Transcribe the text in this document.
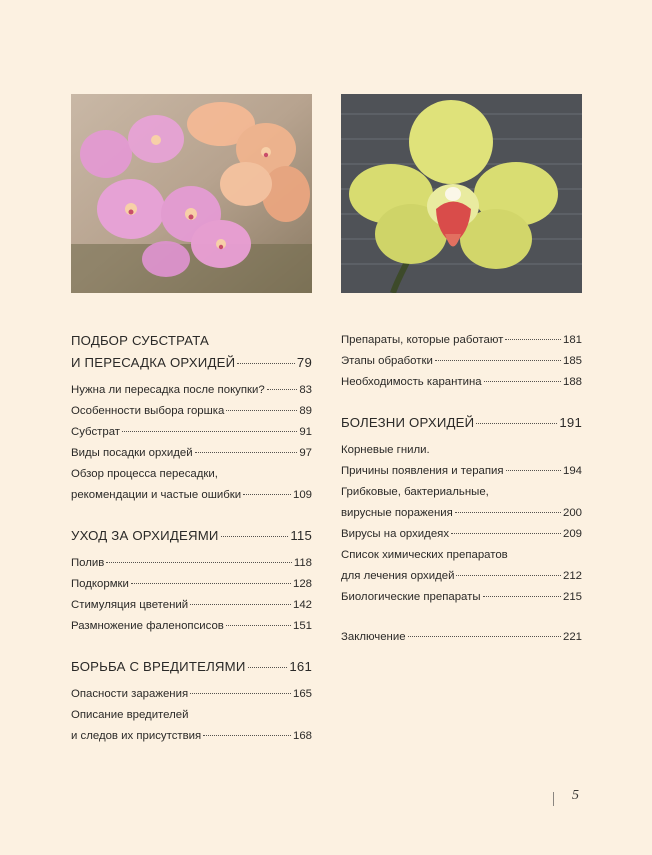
ПОДБОР СУБСТРАТА
И ПЕРЕСАДКА ОРХИДЕЙ	79
Нужна ли пересадка после покупки?	83
Особенности выбора горшка	89
Субстрат	91
Виды посадки орхидей	97
Обзор процесса пересадки,
рекомендации и частые ошибки	109
УХОД ЗА ОРХИДЕЯМИ	115
Полив	118
Подкормки	128
Стимуляция цветений	142
Размножение фаленопсисов	151
БОРЬБА С ВРЕДИТЕЛЯМИ	161
Опасности заражения	165
Описание вредителей
и следов их присутствия	168
Препараты, которые работают	181
Этапы обработки	185
Необходимость карантина	188
БОЛЕЗНИ ОРХИДЕЙ	191
Корневые гнили.
Причины появления и терапия	194
Грибковые, бактериальные,
вирусные поражения	200
Вирусы на орхидеях	209
Список химических препаратов
для лечения орхидей	212
Биологические препараты	215
Заключение	221
5
